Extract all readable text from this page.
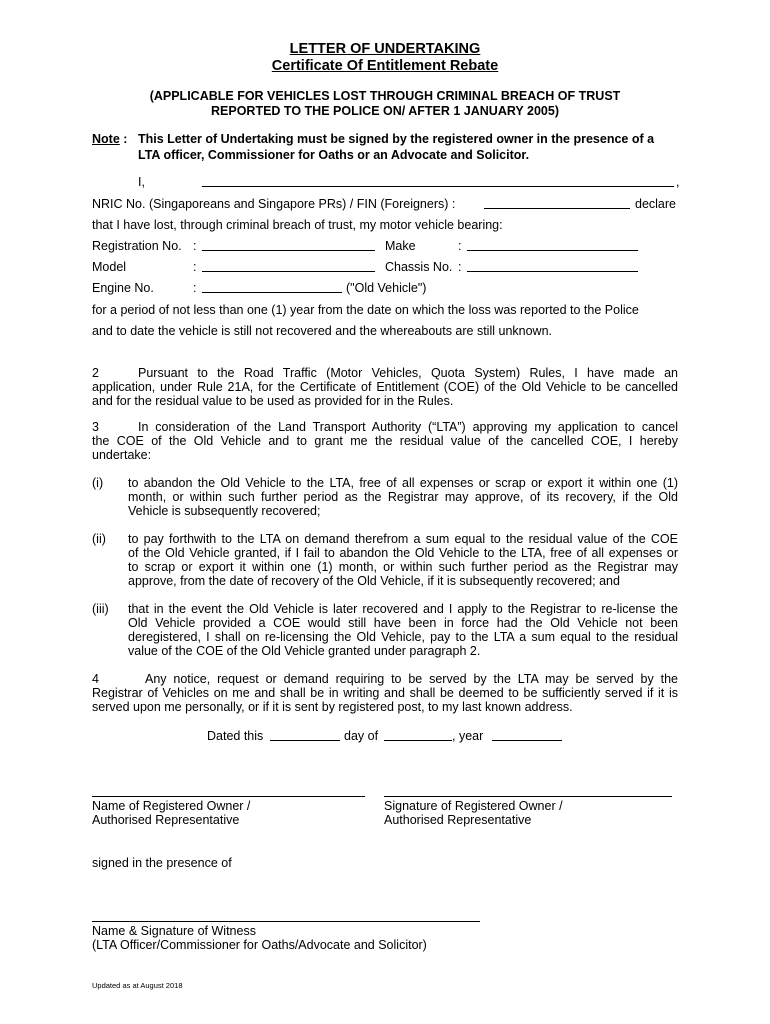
LETTER OF UNDERTAKING
Certificate Of Entitlement Rebate
(APPLICABLE FOR VEHICLES LOST THROUGH CRIMINAL BREACH OF TRUST
REPORTED TO THE POLICE ON/ AFTER 1 JANUARY 2005)
Note : This Letter of Undertaking must be signed by the registered owner in the presence of a
LTA officer, Commissioner for Oaths or an Advocate and Solicitor.
I,	,
NRIC No. (Singaporeans and Singapore PRs) / FIN (Foreigners) :	declare
that I have lost, through criminal breach of trust, my motor vehicle bearing:
Registration No. :	Make	:
Model	:	Chassis No. :
Engine No.	:	("Old Vehicle")
for a period of not less than one (1) year from the date on which the loss was reported to the Police
and to date the vehicle is still not recovered and the whereabouts are still unknown.
2	Pursuant to the Road Traffic (Motor Vehicles, Quota System) Rules, I have made an
application, under Rule 21A, for the Certificate of Entitlement (COE) of the Old Vehicle to be cancelled
and for the residual value to be used as provided for in the Rules.
3	In consideration of the Land Transport Authority (“LTA”) approving my application to cancel
the COE of the Old Vehicle and to grant me the residual value of the cancelled COE, I hereby
undertake:
(i) to abandon the Old Vehicle to the LTA, free of all expenses or scrap or export it within one (1)
month, or within such further period as the Registrar may approve, of its recovery, if the Old
Vehicle is subsequently recovered;
(ii) to pay forthwith to the LTA on demand therefrom a sum equal to the residual value of the COE
of the Old Vehicle granted, if I fail to abandon the Old Vehicle to the LTA, free of all expenses or
to scrap or export it within one (1) month, or within such further period as the Registrar may
approve, from the date of recovery of the Old Vehicle, if it is subsequently recovered; and
(iii) that in the event the Old Vehicle is later recovered and I apply to the Registrar to re-license the
Old Vehicle provided a COE would still have been in force had the Old Vehicle not been
deregistered, I shall on re-licensing the Old Vehicle, pay to the LTA a sum equal to the residual
value of the COE of the Old Vehicle granted under paragraph 2.
4	Any notice, request or demand requiring to be served by the LTA may be served by the
Registrar of Vehicles on me and shall be in writing and shall be deemed to be sufficiently served if it is
served upon me personally, or if it is sent by registered post, to my last known address.
Dated this	day of	, year
Name of Registered Owner /
Authorised Representative
Signature of Registered Owner /
Authorised Representative
signed in the presence of
Name & Signature of Witness
(LTA Officer/Commissioner for Oaths/Advocate and Solicitor)
Updated as at August 2018
